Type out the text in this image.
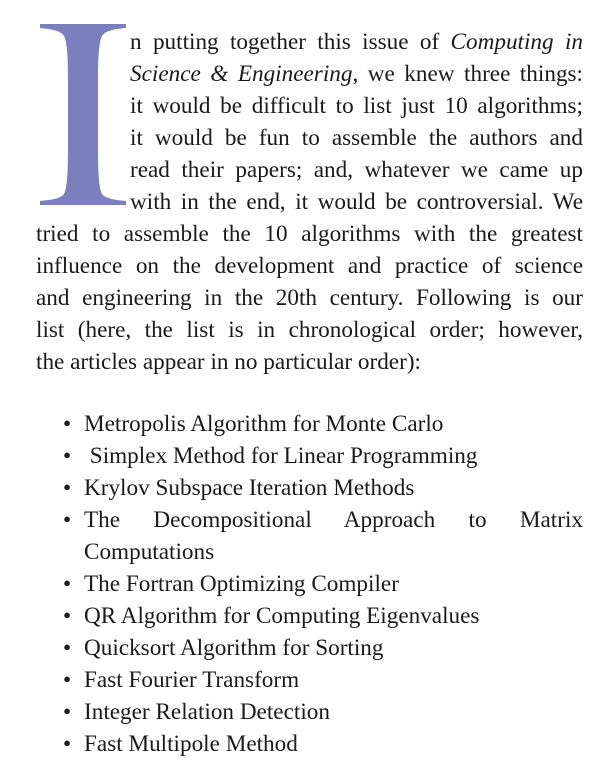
n putting together this issue of Computing in
Science & Engineering, we knew three things:
it would be difficult to list just 10 algorithms;
it would be fun to assemble the authors and
read their papers; and, whatever we came up
with in the end, it would be controversial. We
tried to assemble the 10 algorithms with the greatest
influence on the development and practice of science
and engineering in the 20th century. Following is our
list (here, the list is in chronological order; however,
the articles appear in no particular order):
• Metropolis Algorithm for Monte Carlo
• Simplex Method for Linear Programming
• Krylov Subspace Iteration Methods
• The Decompositional Approach to Matrix
Computations
• The Fortran Optimizing Compiler
• QR Algorithm for Computing Eigenvalues
• Quicksort Algorithm for Sorting
• Fast Fourier Transform
• Integer Relation Detection
• Fast Multipole Method
